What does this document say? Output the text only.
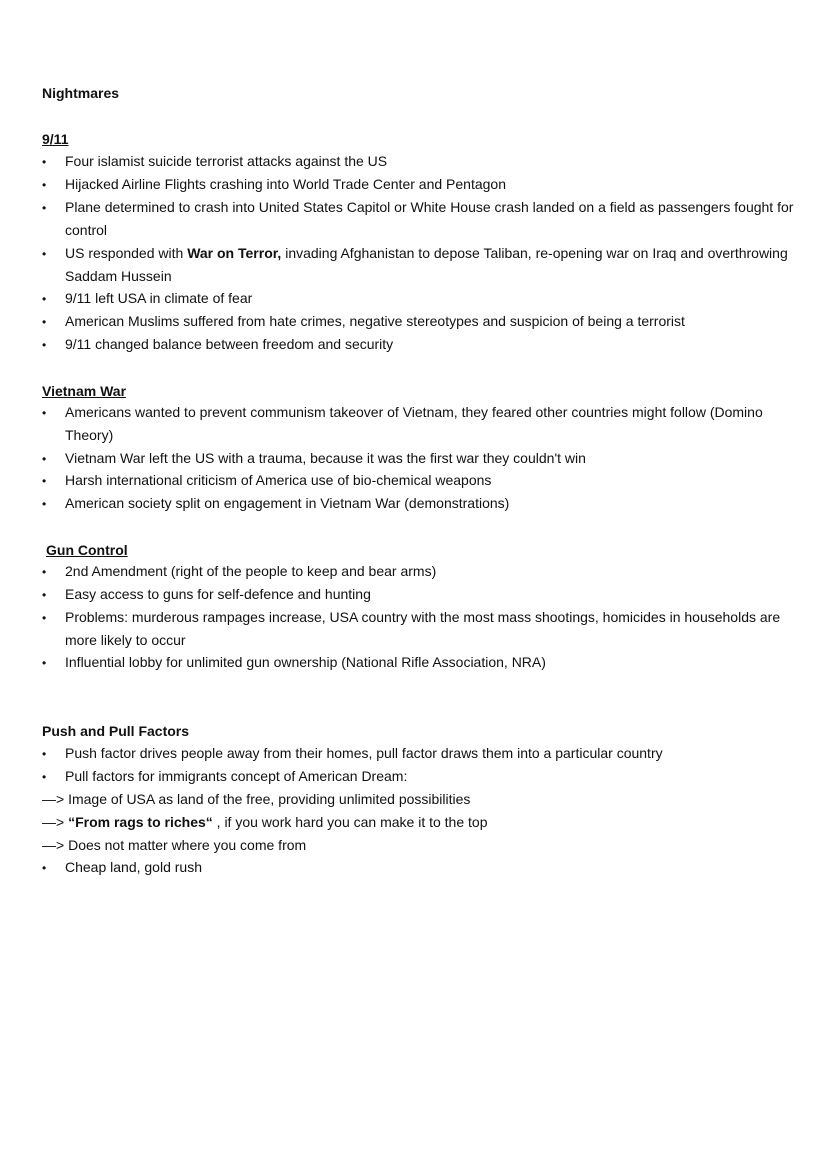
Nightmares
9/11
•	Four islamist suicide terrorist attacks against the US
•	Hijacked Airline Flights crashing into World Trade Center and Pentagon
•	Plane determined to crash into United States Capitol or White House crash landed on a field as passengers fought for control
•	US responded with War on Terror, invading Afghanistan to depose Taliban, re-opening war on Iraq and overthrowing Saddam Hussein
•	9/11 left USA in climate of fear
•	American Muslims suffered from hate crimes, negative stereotypes and suspicion of being a terrorist
•	9/11 changed balance between freedom and security
Vietnam War
•	Americans wanted to prevent communism takeover of Vietnam, they feared other countries might follow (Domino Theory)
•	Vietnam War left the US with a trauma, because it was the first war they couldn't win
•	Harsh international criticism of America use of bio-chemical weapons
•	American society split on engagement in Vietnam War (demonstrations)
Gun Control
•	2nd Amendment (right of the people to keep and bear arms)
•	Easy access to guns for self-defence and hunting
•	Problems: murderous rampages increase, USA country with the most mass shootings, homicides in households are more likely to occur
•	Influential lobby for unlimited gun ownership (National Rifle Association, NRA)
Push and Pull Factors
•	Push factor drives people away from their homes, pull factor draws them into a particular country
•	Pull factors for immigrants concept of American Dream:
—> Image of USA as land of the free, providing unlimited possibilities
—> “From rags to riches“ , if you work hard you can make it to the top
—> Does not matter where you come from
•	Cheap land, gold rush
